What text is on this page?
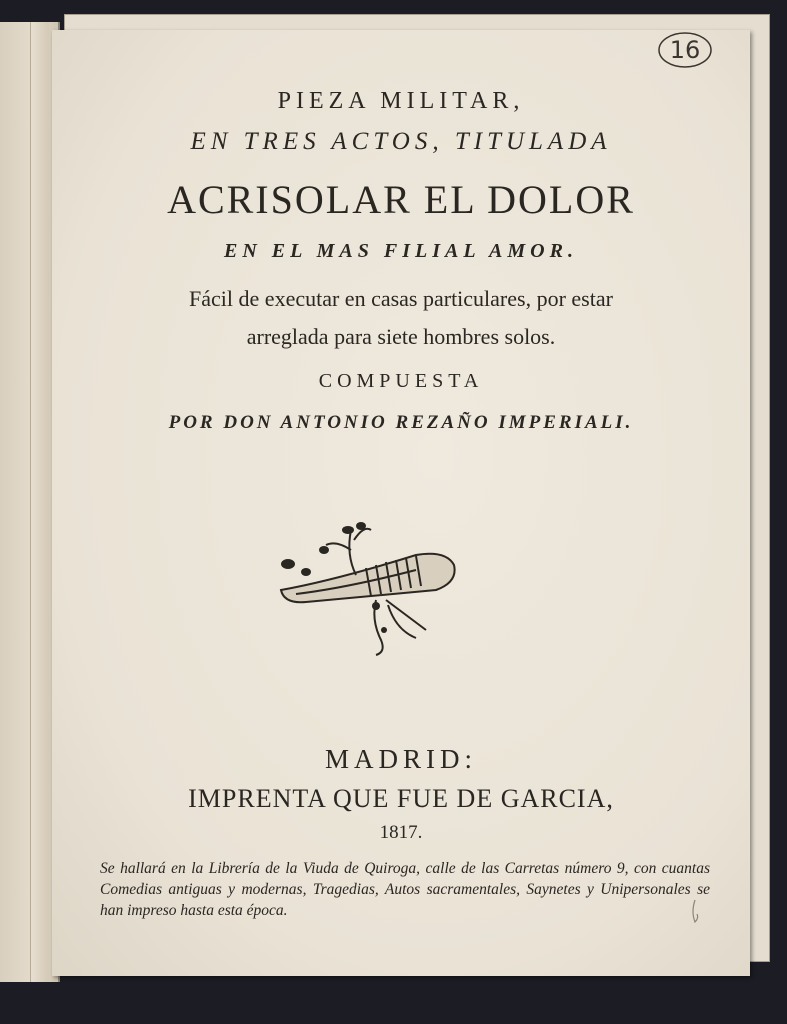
16
PIEZA MILITAR,
EN TRES ACTOS, TITULADA
ACRISOLAR EL DOLOR
EN EL MAS FILIAL AMOR.
Fácil de executar en casas particulares, por estar
arreglada para siete hombres solos.
COMPUESTA
POR DON ANTONIO REZAÑO IMPERIALI.
MADRID:
IMPRENTA QUE FUE DE GARCIA,
1817.
Se hallará en la Librería de la Viuda de Quiroga, calle de las Carretas número 9, con cuantas Comedias antiguas y modernas, Tragedias, Autos sacramentales, Saynetes y Unipersonales se han impreso hasta esta época.
